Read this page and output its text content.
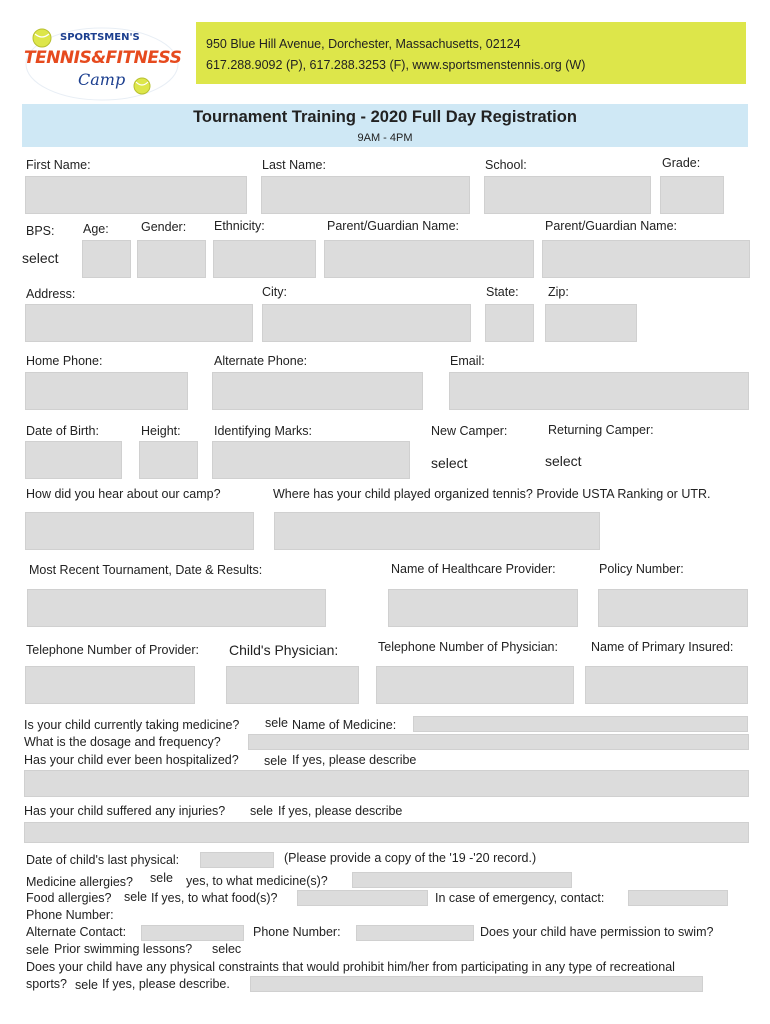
SPORTSMEN'S
TENNIS&FITNESS
Camp
950 Blue Hill Avenue, Dorchester, Massachusetts, 02124
617.288.9092 (P), 617.288.3253 (F), www.sportsmenstennis.org (W)
Tournament Training - 2020 Full Day Registration
9AM - 4PM
First Name:	Last Name:	School:	Grade:
BPS: Age:	Gender: Ethnicity:	Parent/Guardian Name:	Parent/Guardian Name:
select
Address:	City:	State: Zip:
Home Phone:	Alternate Phone:	Email:
Date of Birth:	Height:	Identifying Marks:	New Camper:	Returning Camper:
select	select
How did you hear about our camp?	Where has your child played organized tennis? Provide USTA Ranking or UTR.
Most Recent Tournament, Date & Results:	Name of Healthcare Provider:	Policy Number:
Telephone Number of Provider: Child's Physician:	Telephone Number of Physician:	Name of Primary Insured:
Is your child currently taking medicine? sele Name of Medicine:
What is the dosage and frequency?
Has your child ever been hospitalized? sele If yes, please describe
Has your child suffered any injuries? sele If yes, please describe
Date of child's last physical:	(Please provide a copy of the '19 -'20 record.)
Medicine allergies? sele	yes, to what medicine(s)?
Food allergies? sele If yes, to what food(s)?	In case of emergency, contact:
Phone Number:
Alternate Contact:	Phone Number:	Does your child have permission to swim?
sele Prior swimming lessons? selec
Does your child have any physical constraints that would prohibit him/her from participating in any type of recreational
sports? sele If yes, please describe.
